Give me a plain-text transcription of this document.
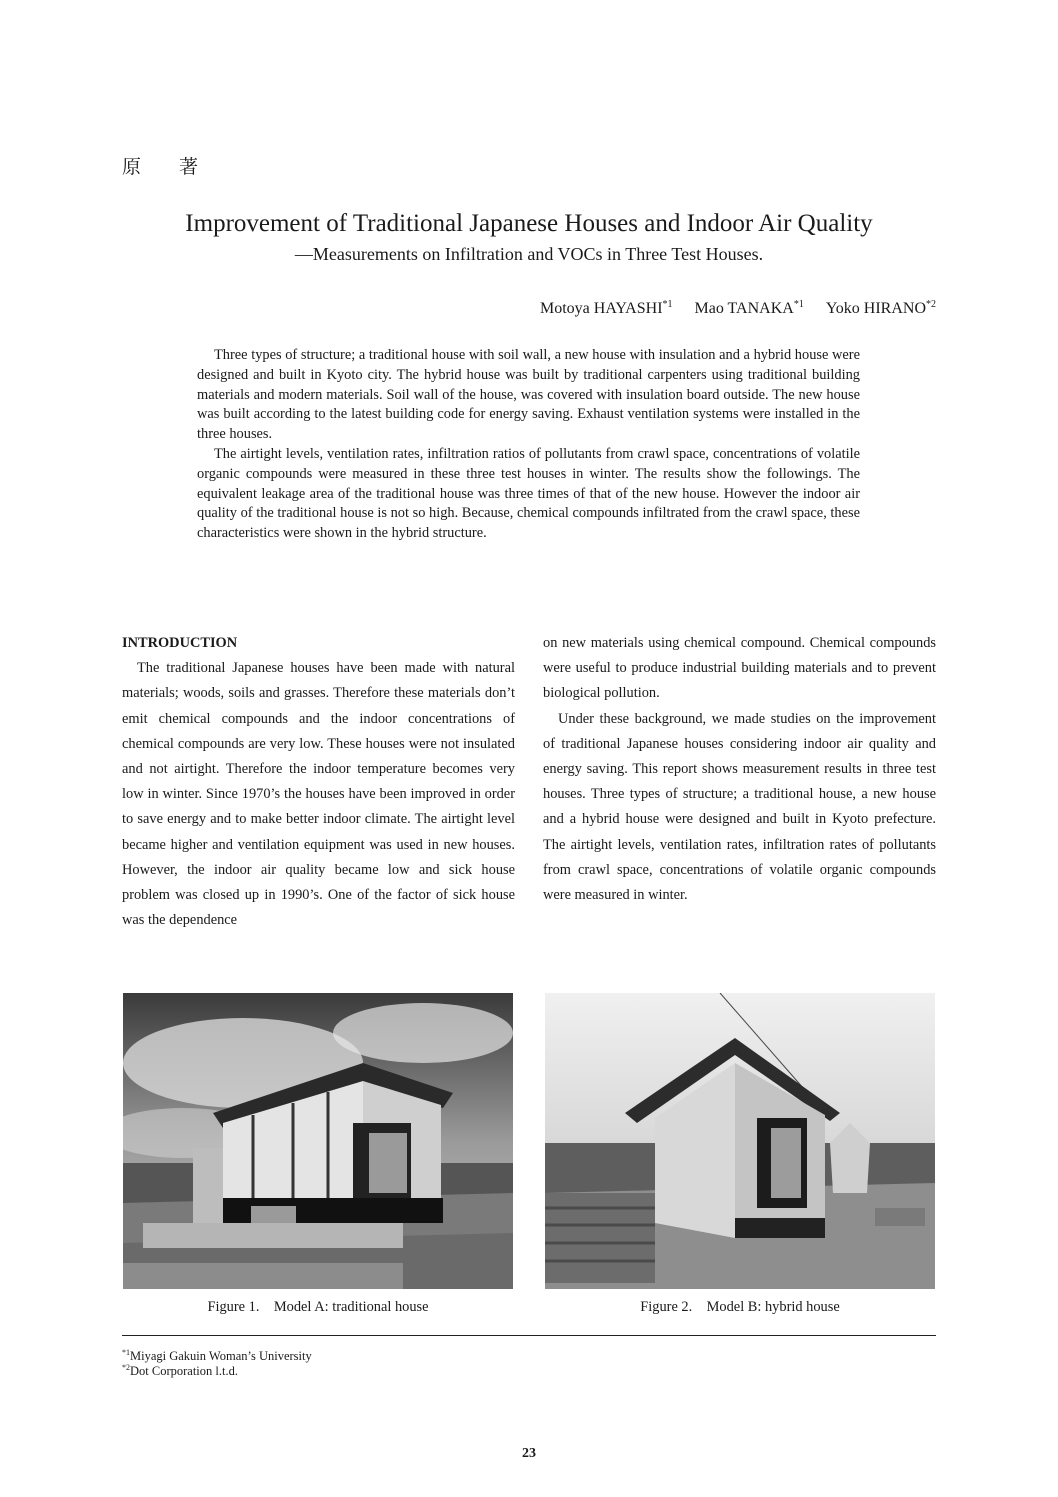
原著
Improvement of Traditional Japanese Houses and Indoor Air Quality
—Measurements on Infiltration and VOCs in Three Test Houses.
Motoya HAYASHI$^{*1}$ Mao TANAKA$^{*1}$ Yoko HIRANO$^{*2}$

Three types of structure; a traditional house with soil wall, a new house with insulation and a hybrid house were designed and built in Kyoto city. The hybrid house was built by traditional carpenters using traditional building materials and modern materials. Soil wall of the house, was covered with insulation board outside. The new house was built according to the latest building code for energy saving. Exhaust ventilation systems were installed in the three houses.

The airtight levels, ventilation rates, infiltration ratios of pollutants from crawl space, concentrations of volatile organic compounds were measured in these three test houses in winter. The results show the followings. The equivalent leakage area of the traditional house was three times of that of the new house. However the indoor air quality of the traditional house is not so high. Because, chemical compounds infiltrated from the crawl space, these characteristics were shown in the hybrid structure.

INTRODUCTION

The traditional Japanese houses have been made with natural materials; woods, soils and grasses. Therefore these materials don’t emit chemical compounds and the indoor concentrations of chemical compounds are very low. These houses were not insulated and not airtight. Therefore the indoor temperature becomes very low in winter. Since 1970’s the houses have been improved in order to save energy and to make better indoor climate. The airtight level became higher and ventilation equipment was used in new houses. However, the indoor air quality became low and sick house problem was closed up in 1990’s. One of the factor of sick house was the dependence

on new materials using chemical compound. Chemical compounds were useful to produce industrial building materials and to prevent biological pollution.

Under these background, we made studies on the improvement of traditional Japanese houses considering indoor air quality and energy saving. This report shows measurement results in three test houses. Three types of structure; a traditional house, a new house and a hybrid house were designed and built in Kyoto prefecture. The airtight levels, ventilation rates, infiltration rates of pollutants from crawl space, concentrations of volatile organic compounds were measured in winter.

Figure 1.　Model A: traditional house	Figure 2.　Model B: hybrid house
$^{*1}$Miyagi Gakuin Woman’s University
$^{*2}$Dot Corporation l.t.d.
23
